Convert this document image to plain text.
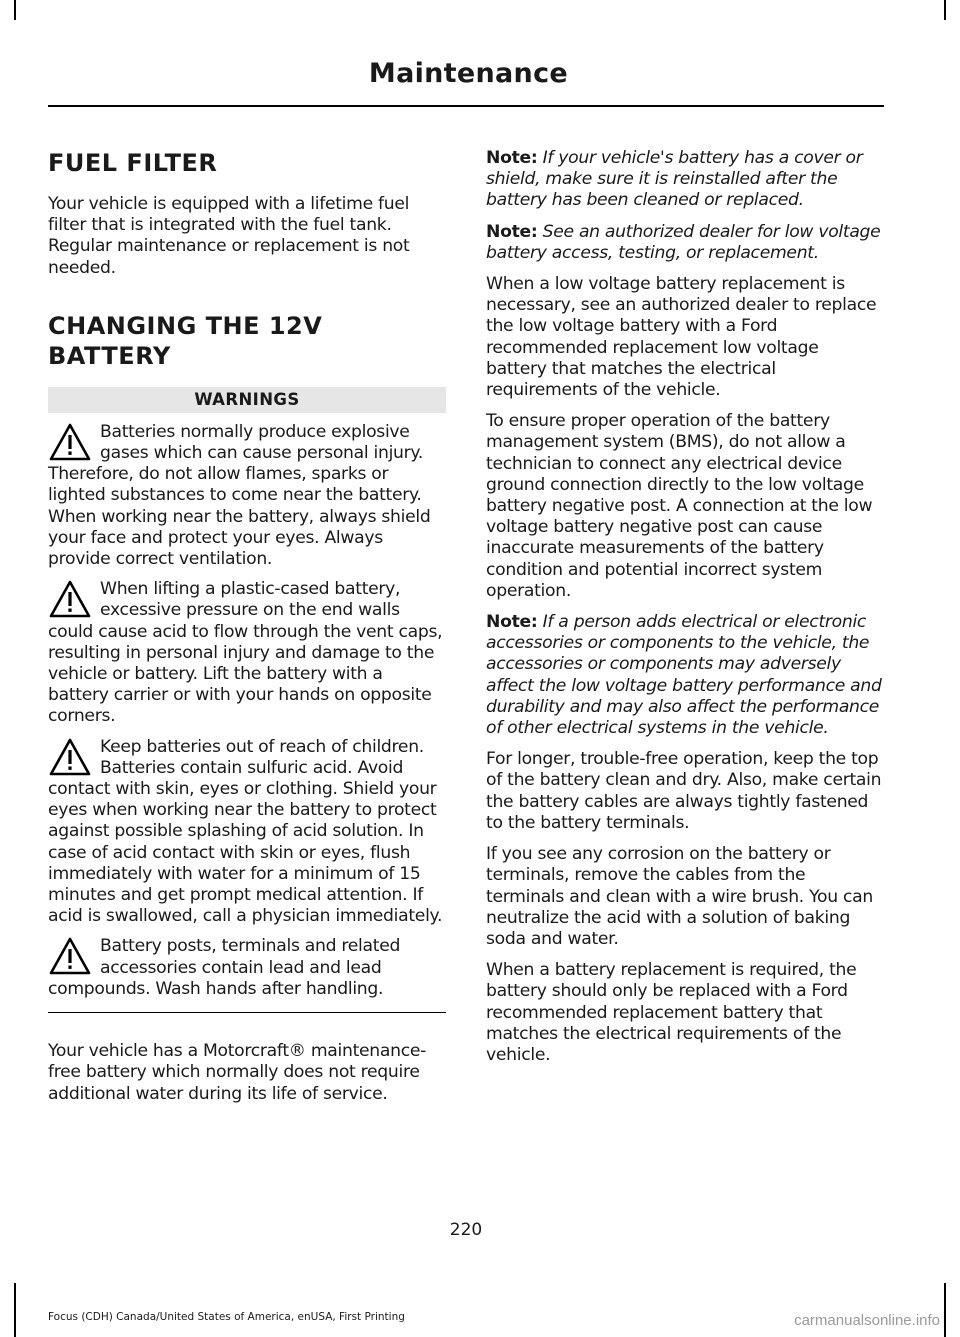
Maintenance
FUEL FILTER

Your vehicle is equipped with a lifetime fuel filter that is integrated with the fuel tank. Regular maintenance or replacement is not needed.

CHANGING THE 12V BATTERY
WARNINGS

Batteries normally produce explosive gases which can cause personal injury. Therefore, do not allow flames, sparks or lighted substances to come near the battery. When working near the battery, always shield your face and protect your eyes. Always provide correct ventilation.

When lifting a plastic-cased battery, excessive pressure on the end walls could cause acid to flow through the vent caps, resulting in personal injury and damage to the vehicle or battery. Lift the battery with a battery carrier or with your hands on opposite corners.

Keep batteries out of reach of children. Batteries contain sulfuric acid. Avoid contact with skin, eyes or clothing. Shield your eyes when working near the battery to protect against possible splashing of acid solution. In case of acid contact with skin or eyes, flush immediately with water for a minimum of 15 minutes and get prompt medical attention. If acid is swallowed, call a physician immediately.

Battery posts, terminals and related accessories contain lead and lead compounds. Wash hands after handling.

Your vehicle has a Motorcraft® maintenance-free battery which normally does not require additional water during its life of service.

Note: If your vehicle's battery has a cover or shield, make sure it is reinstalled after the battery has been cleaned or replaced.

Note: See an authorized dealer for low voltage battery access, testing, or replacement.

When a low voltage battery replacement is necessary, see an authorized dealer to replace the low voltage battery with a Ford recommended replacement low voltage battery that matches the electrical requirements of the vehicle.

To ensure proper operation of the battery management system (BMS), do not allow a technician to connect any electrical device ground connection directly to the low voltage battery negative post. A connection at the low voltage battery negative post can cause inaccurate measurements of the battery condition and potential incorrect system operation.

Note: If a person adds electrical or electronic accessories or components to the vehicle, the accessories or components may adversely affect the low voltage battery performance and durability and may also affect the performance of other electrical systems in the vehicle.

For longer, trouble-free operation, keep the top of the battery clean and dry. Also, make certain the battery cables are always tightly fastened to the battery terminals.

If you see any corrosion on the battery or terminals, remove the cables from the terminals and clean with a wire brush. You can neutralize the acid with a solution of baking soda and water.

When a battery replacement is required, the battery should only be replaced with a Ford recommended replacement battery that matches the electrical requirements of the vehicle.

220
Focus (CDH) Canada/United States of America, enUSA, First Printing	carmanualsonline.info
